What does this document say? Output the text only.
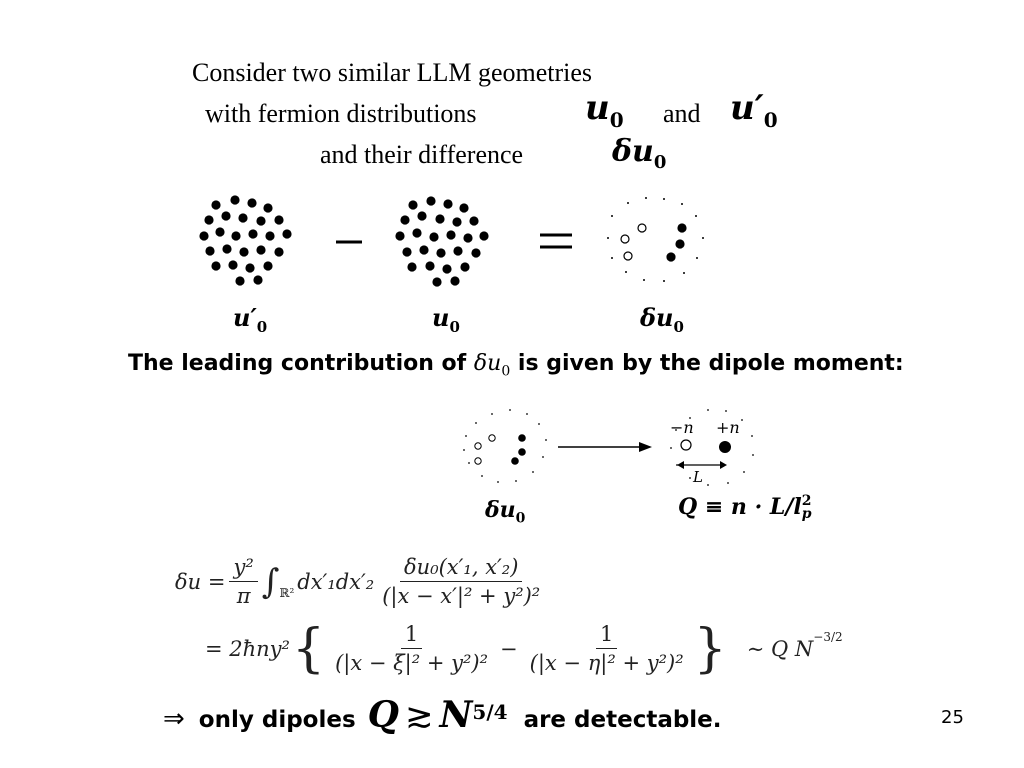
Consider two similar LLM geometries
with fermion distributions	$u_0$ and $u'_0$
and their difference	$\delta u_0$
$u'_0$	$u_0$	$\delta u_0$
The leading contribution of $\delta u_0$ is given by the dipole moment:
−n +n
L
$\delta u_0$	Q ≡ n · L/l 2
p
$\delta u = \frac{\text{y²}}{\pi}$ ∫ ℝ² $dx'_1dx'_2 \frac{\text{δu₀(x′₁, x′₂)}}{\text{(|x − x′|² + y²)²}}$
= 2ħny² { $\frac{1}{\text{(|x − ξ|² + y²)²}} - \frac{1}{\text{(|x − η|² + y²)²}}$ } ∼ Q $N^{-3/2}$
⇒ only dipoles Q ≳ $N^{5/4}$ are detectable.	25
